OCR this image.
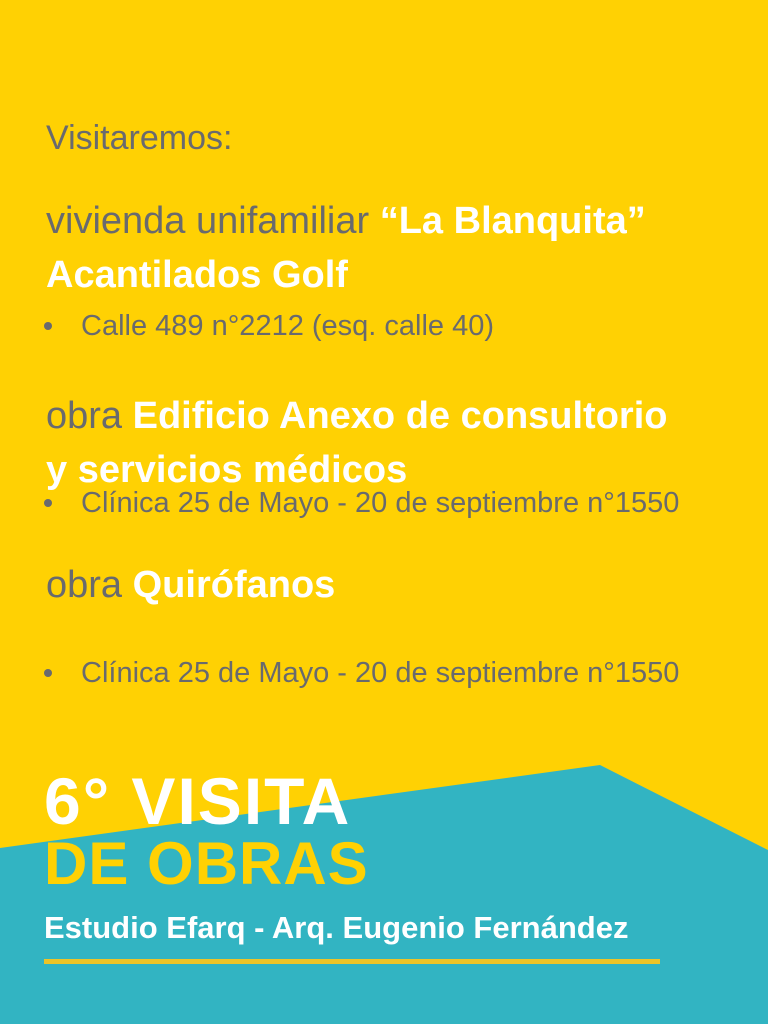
Visitaremos:
vivienda unifamiliar “La Blanquita”
Acantilados Golf
Calle 489 n°2212 (esq. calle 40)
obra Edificio Anexo de consultorio
y servicios médicos
Clínica 25 de Mayo - 20 de septiembre n°1550
obra Quirófanos
Clínica 25 de Mayo - 20 de septiembre n°1550
6° VISITA
DE OBRAS
Estudio Efarq - Arq. Eugenio Fernández
